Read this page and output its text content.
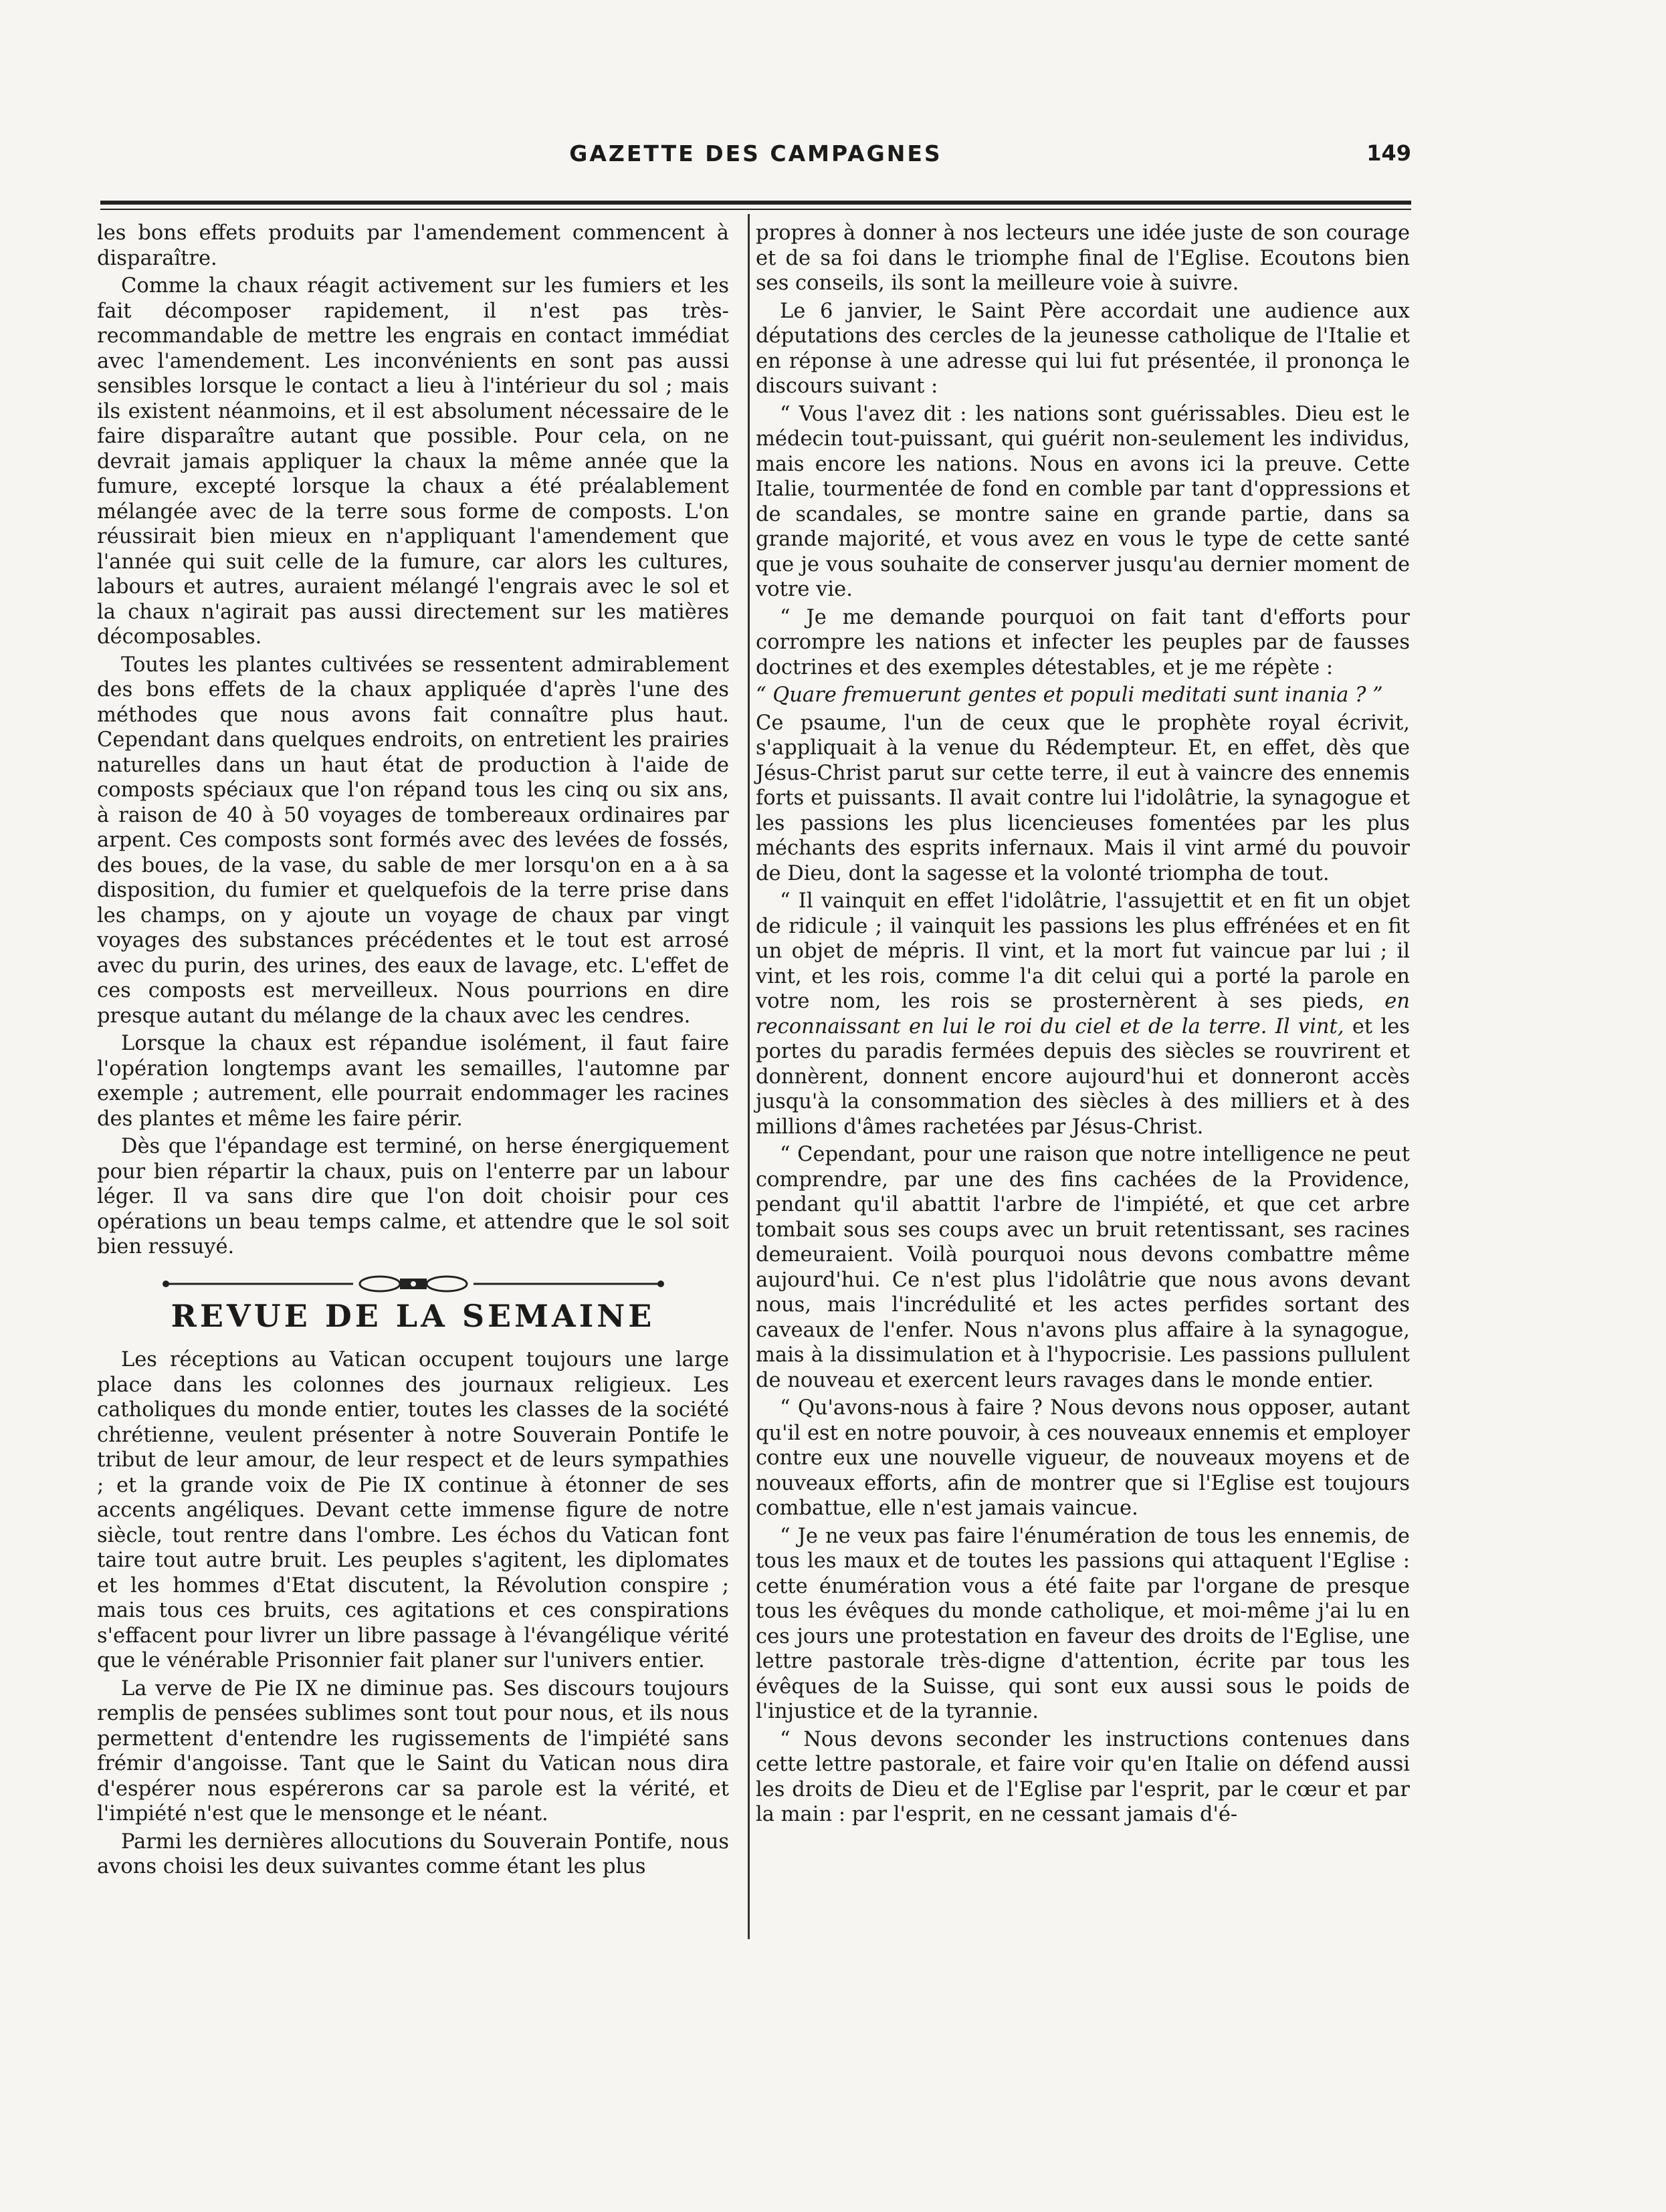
GAZETTE DES CAMPAGNES	149

les bons effets produits par l'amendement commencent à disparaître.

Comme la chaux réagit activement sur les fumiers et les fait décomposer rapidement, il n'est pas très-recommandable de mettre les engrais en contact immédiat avec l'amendement. Les inconvénients en sont pas aussi sensibles lorsque le contact a lieu à l'intérieur du sol ; mais ils existent néanmoins, et il est absolument nécessaire de le faire disparaître autant que possible. Pour cela, on ne devrait jamais appliquer la chaux la même année que la fumure, excepté lorsque la chaux a été préalablement mélangée avec de la terre sous forme de composts. L'on réussirait bien mieux en n'appliquant l'amendement que l'année qui suit celle de la fumure, car alors les cultures, labours et autres, auraient mélangé l'engrais avec le sol et la chaux n'agirait pas aussi directement sur les matières décomposables.

Toutes les plantes cultivées se ressentent admirablement des bons effets de la chaux appliquée d'après l'une des méthodes que nous avons fait connaître plus haut. Cependant dans quelques endroits, on entretient les prairies naturelles dans un haut état de production à l'aide de composts spéciaux que l'on répand tous les cinq ou six ans, à raison de 40 à 50 voyages de tombereaux ordinaires par arpent. Ces composts sont formés avec des levées de fossés, des boues, de la vase, du sable de mer lorsqu'on en a à sa disposition, du fumier et quelquefois de la terre prise dans les champs, on y ajoute un voyage de chaux par vingt voyages des substances précédentes et le tout est arrosé avec du purin, des urines, des eaux de lavage, etc. L'effet de ces composts est merveilleux. Nous pourrions en dire presque autant du mélange de la chaux avec les cendres.

Lorsque la chaux est répandue isolément, il faut faire l'opération longtemps avant les semailles, l'automne par exemple ; autrement, elle pourrait endommager les racines des plantes et même les faire périr.

Dès que l'épandage est terminé, on herse énergiquement pour bien répartir la chaux, puis on l'enterre par un labour léger. Il va sans dire que l'on doit choisir pour ces opérations un beau temps calme, et attendre que le sol soit bien ressuyé.

REVUE DE LA SEMAINE

Les réceptions au Vatican occupent toujours une large place dans les colonnes des journaux religieux. Les catholiques du monde entier, toutes les classes de la société chrétienne, veulent présenter à notre Souverain Pontife le tribut de leur amour, de leur respect et de leurs sympathies ; et la grande voix de Pie IX continue à étonner de ses accents angéliques. Devant cette immense figure de notre siècle, tout rentre dans l'ombre. Les échos du Vatican font taire tout autre bruit. Les peuples s'agitent, les diplomates et les hommes d'Etat discutent, la Révolution conspire ; mais tous ces bruits, ces agitations et ces conspirations s'effacent pour livrer un libre passage à l'évangélique vérité que le vénérable Prisonnier fait planer sur l'univers entier.

La verve de Pie IX ne diminue pas. Ses discours toujours remplis de pensées sublimes sont tout pour nous, et ils nous permettent d'entendre les rugissements de l'impiété sans frémir d'angoisse. Tant que le Saint du Vatican nous dira d'espérer nous espérerons car sa parole est la vérité, et l'impiété n'est que le mensonge et le néant.

Parmi les dernières allocutions du Souverain Pontife, nous avons choisi les deux suivantes comme étant les plus

propres à donner à nos lecteurs une idée juste de son courage et de sa foi dans le triomphe final de l'Eglise. Ecoutons bien ses conseils, ils sont la meilleure voie à suivre.

Le 6 janvier, le Saint Père accordait une audience aux députations des cercles de la jeunesse catholique de l'Italie et en réponse à une adresse qui lui fut présentée, il prononça le discours suivant :

“ Vous l'avez dit : les nations sont guérissables. Dieu est le médecin tout-puissant, qui guérit non-seulement les individus, mais encore les nations. Nous en avons ici la preuve. Cette Italie, tourmentée de fond en comble par tant d'oppressions et de scandales, se montre saine en grande partie, dans sa grande majorité, et vous avez en vous le type de cette santé que je vous souhaite de conserver jusqu'au dernier moment de votre vie.

“ Je me demande pourquoi on fait tant d'efforts pour corrompre les nations et infecter les peuples par de fausses doctrines et des exemples détestables, et je me répète :

“ Quare fremuerunt gentes et populi meditati sunt inania ? ”

Ce psaume, l'un de ceux que le prophète royal écrivit, s'appliquait à la venue du Rédempteur. Et, en effet, dès que Jésus-Christ parut sur cette terre, il eut à vaincre des ennemis forts et puissants. Il avait contre lui l'idolâtrie, la synagogue et les passions les plus licencieuses fomentées par les plus méchants des esprits infernaux. Mais il vint armé du pouvoir de Dieu, dont la sagesse et la volonté triompha de tout.

“ Il vainquit en effet l'idolâtrie, l'assujettit et en fit un objet de ridicule ; il vainquit les passions les plus effrénées et en fit un objet de mépris. Il vint, et la mort fut vaincue par lui ; il vint, et les rois, comme l'a dit celui qui a porté la parole en votre nom, les rois se prosternèrent à ses pieds, en reconnaissant en lui le roi du ciel et de la terre. Il vint, et les portes du paradis fermées depuis des siècles se rouvrirent et donnèrent, donnent encore aujourd'hui et donneront accès jusqu'à la consommation des siècles à des milliers et à des millions d'âmes rachetées par Jésus-Christ.

“ Cependant, pour une raison que notre intelligence ne peut comprendre, par une des fins cachées de la Providence, pendant qu'il abattit l'arbre de l'impiété, et que cet arbre tombait sous ses coups avec un bruit retentissant, ses racines demeuraient. Voilà pourquoi nous devons combattre même aujourd'hui. Ce n'est plus l'idolâtrie que nous avons devant nous, mais l'incrédulité et les actes perfides sortant des caveaux de l'enfer. Nous n'avons plus affaire à la synagogue, mais à la dissimulation et à l'hypocrisie. Les passions pullulent de nouveau et exercent leurs ravages dans le monde entier.

“ Qu'avons-nous à faire ? Nous devons nous opposer, autant qu'il est en notre pouvoir, à ces nouveaux ennemis et employer contre eux une nouvelle vigueur, de nouveaux moyens et de nouveaux efforts, afin de montrer que si l'Eglise est toujours combattue, elle n'est jamais vaincue.

“ Je ne veux pas faire l'énumération de tous les ennemis, de tous les maux et de toutes les passions qui attaquent l'Eglise : cette énumération vous a été faite par l'organe de presque tous les évêques du monde catholique, et moi-même j'ai lu en ces jours une protestation en faveur des droits de l'Eglise, une lettre pastorale très-digne d'attention, écrite par tous les évêques de la Suisse, qui sont eux aussi sous le poids de l'injustice et de la tyrannie.

“ Nous devons seconder les instructions contenues dans cette lettre pastorale, et faire voir qu'en Italie on défend aussi les droits de Dieu et de l'Eglise par l'esprit, par le cœur et par la main : par l'esprit, en ne cessant jamais d'é-
